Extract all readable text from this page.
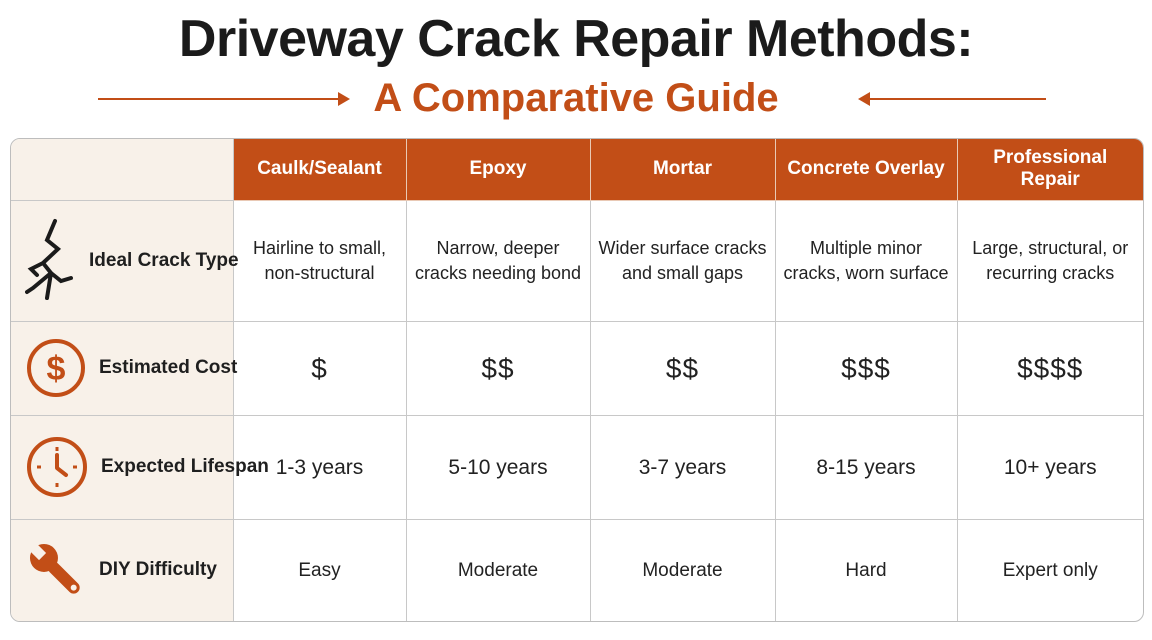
Driveway Crack Repair Methods:
A Comparative Guide
	Caulk/Sealant	Epoxy	Mortar	Concrete Overlay	Professional Repair

Ideal Crack Type	Hairline to small, non-structural	Narrow, deeper cracks needing bond	Wider surface cracks and small gaps	Multiple minor cracks, worn surface	Large, structural, or recurring cracks

$ Estimated Cost	$	$$	$$	$$$	$$$$

Expected Lifespan	1-3 years	5-10 years	3-7 years	8-15 years	10+ years

DIY Difficulty	Easy	Moderate	Moderate	Hard	Expert only
